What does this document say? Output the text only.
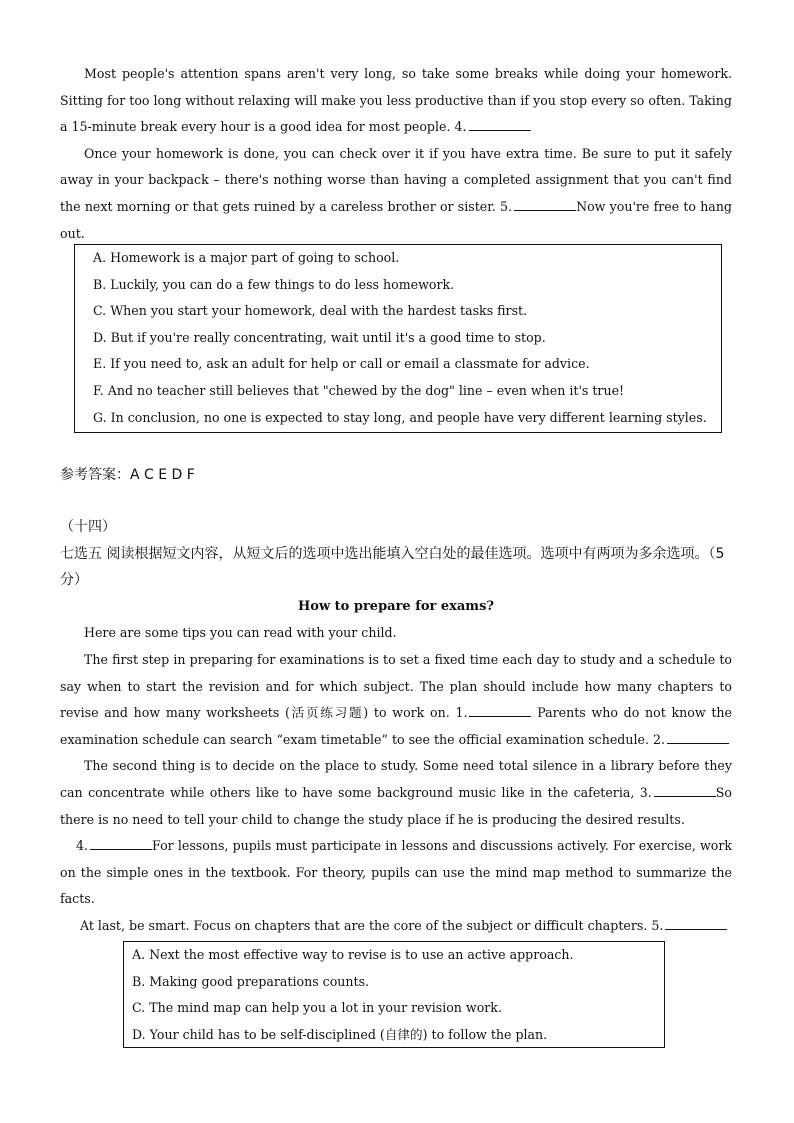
Most people's attention spans aren't very long, so take some breaks while doing your homework. Sitting for too long without relaxing will make you less productive than if you stop every so often. Taking a 15-minute break every hour is a good idea for most people. 4.

Once your homework is done, you can check over it if you have extra time. Be sure to put it safely away in your backpack – there's nothing worse than having a completed assignment that you can't find the next morning or that gets ruined by a careless brother or sister. 5.	Now you're free to hang out.

A. Homework is a major part of going to school.

B. Luckily, you can do a few things to do less homework.

C. When you start your homework, deal with the hardest tasks first.

D. But if you're really concentrating, wait until it's a good time to stop.

E. If you need to, ask an adult for help or call or email a classmate for advice.

F. And no teacher still believes that "chewed by the dog" line – even when it's true!

G. In conclusion, no one is expected to stay long, and people have very different learning styles.

参考答案：A C E D F

（十四）

七选五 阅读根据短文内容，从短文后的选项中选出能填入空白处的最佳选项。选项中有两项为多余选项。（5分）

How to prepare for exams?

Here are some tips you can read with your child.

The first step in preparing for examinations is to set a fixed time each day to study and a schedule to say when to start the revision and for which subject. The plan should include how many chapters to revise and how many worksheets (活页练习题) to work on. 1.	Parents who do not know the examination schedule can search “exam timetable” to see the official examination schedule. 2.

The second thing is to decide on the place to study. Some need total silence in a library before they can concentrate while others like to have some background music like in the cafeteria, 3.	So there is no need to tell your child to change the study place if he is producing the desired results.

4.	For lessons, pupils must participate in lessons and discussions actively. For exercise, work on the simple ones in the textbook. For theory, pupils can use the mind map method to summarize the facts.

At last, be smart. Focus on chapters that are the core of the subject or difficult chapters. 5.

A. Next the most effective way to revise is to use an active approach.

B. Making good preparations counts.

C. The mind map can help you a lot in your revision work.

D. Your child has to be self-disciplined (自律的) to follow the plan.
